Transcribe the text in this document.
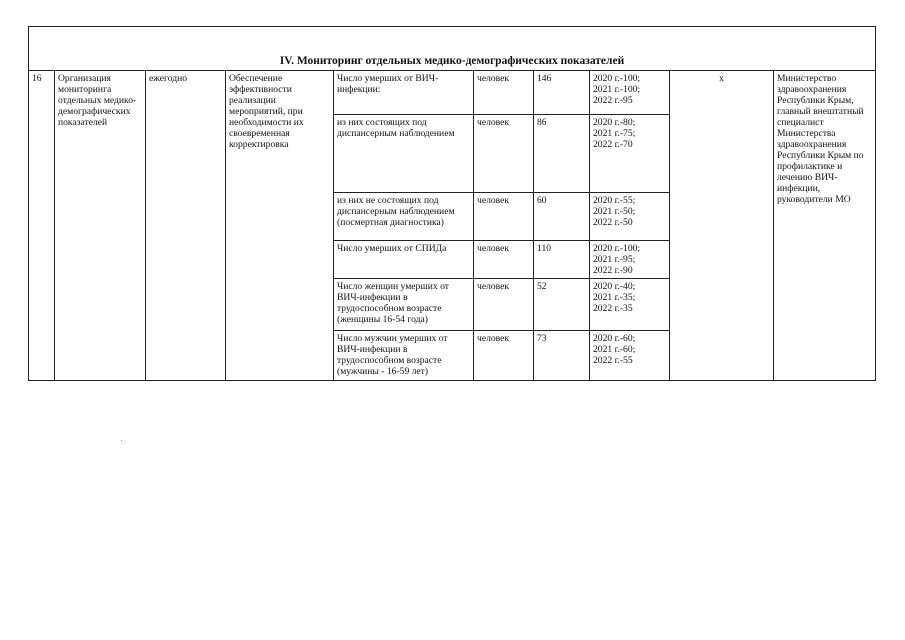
IV. Мониторинг отдельных медико-демографических показателей									
16	Организация мониторинга отдельных медико-демографических показателей	ежегодно	Обеспечение эффективности реализации мероприятий, при необходимости их своевременная корректировка	Число умерших от ВИЧ-инфекции:	человек	146	2020 г.-100;
2021 г.-100;
2022 г.-95	х	Министерство здравоохранения Республики Крым, главный внештатный специалист Министерства здравоохранения Республики Крым по профилактике и лечению ВИЧ-инфекции, руководители МО
				из них состоящих под диспансерным наблюдением	человек	86	2020 г.-80;
2021 г.-75;
2022 г.-70		

				из них не состоящих под диспансерным наблюдением (посмертная диагностика)	человек	60	2020 г.-55;
2021 г.-50;
2022 г.-50		

				Число умерших от СПИДа	человек	110	2020 г.-100;
2021 г.-95;
2022 г.-90		

				Число женщин умерших от ВИЧ-инфекции в трудоспособном возрасте (женщины 16-54 года)	человек	52	2020 г.-40;
2021 г.-35;
2022 г.-35		

				Число мужчин умерших от ВИЧ-инфекции в трудоспособном возрасте (мужчины - 16-59 лет)	человек	73	2020 г.-60;
2021 г.-60;
2022 г.-55		
